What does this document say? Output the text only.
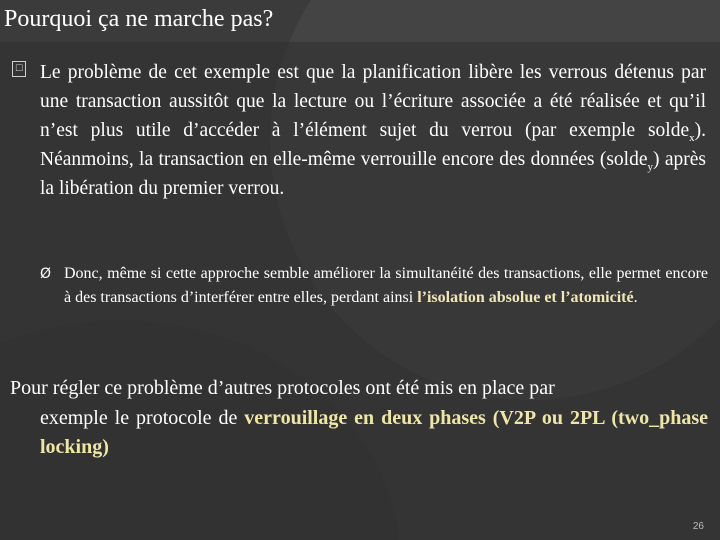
Pourquoi ça ne marche pas?
☐ Le problème de cet exemple est que la planification libère les verrous détenus par une transaction aussitôt que la lecture ou l’écriture associée a été réalisée et qu’il n’est plus utile d’accéder à l’élément sujet du verrou (par exemple solde$_x$). Néanmoins, la transaction en elle-même verrouille encore des données (solde$_y$) après la libération du premier verrou.
Ø Donc, même si cette approche semble améliorer la simultanéité des transactions, elle permet encore à des transactions d’interférer entre elles, perdant ainsi l’isolation absolue et l’atomicité.
Pour régler ce problème d’autres protocoles ont été mis en place par
exemple le protocole de verrouillage en deux phases (V2P ou 2PL (two_phase locking)
26
